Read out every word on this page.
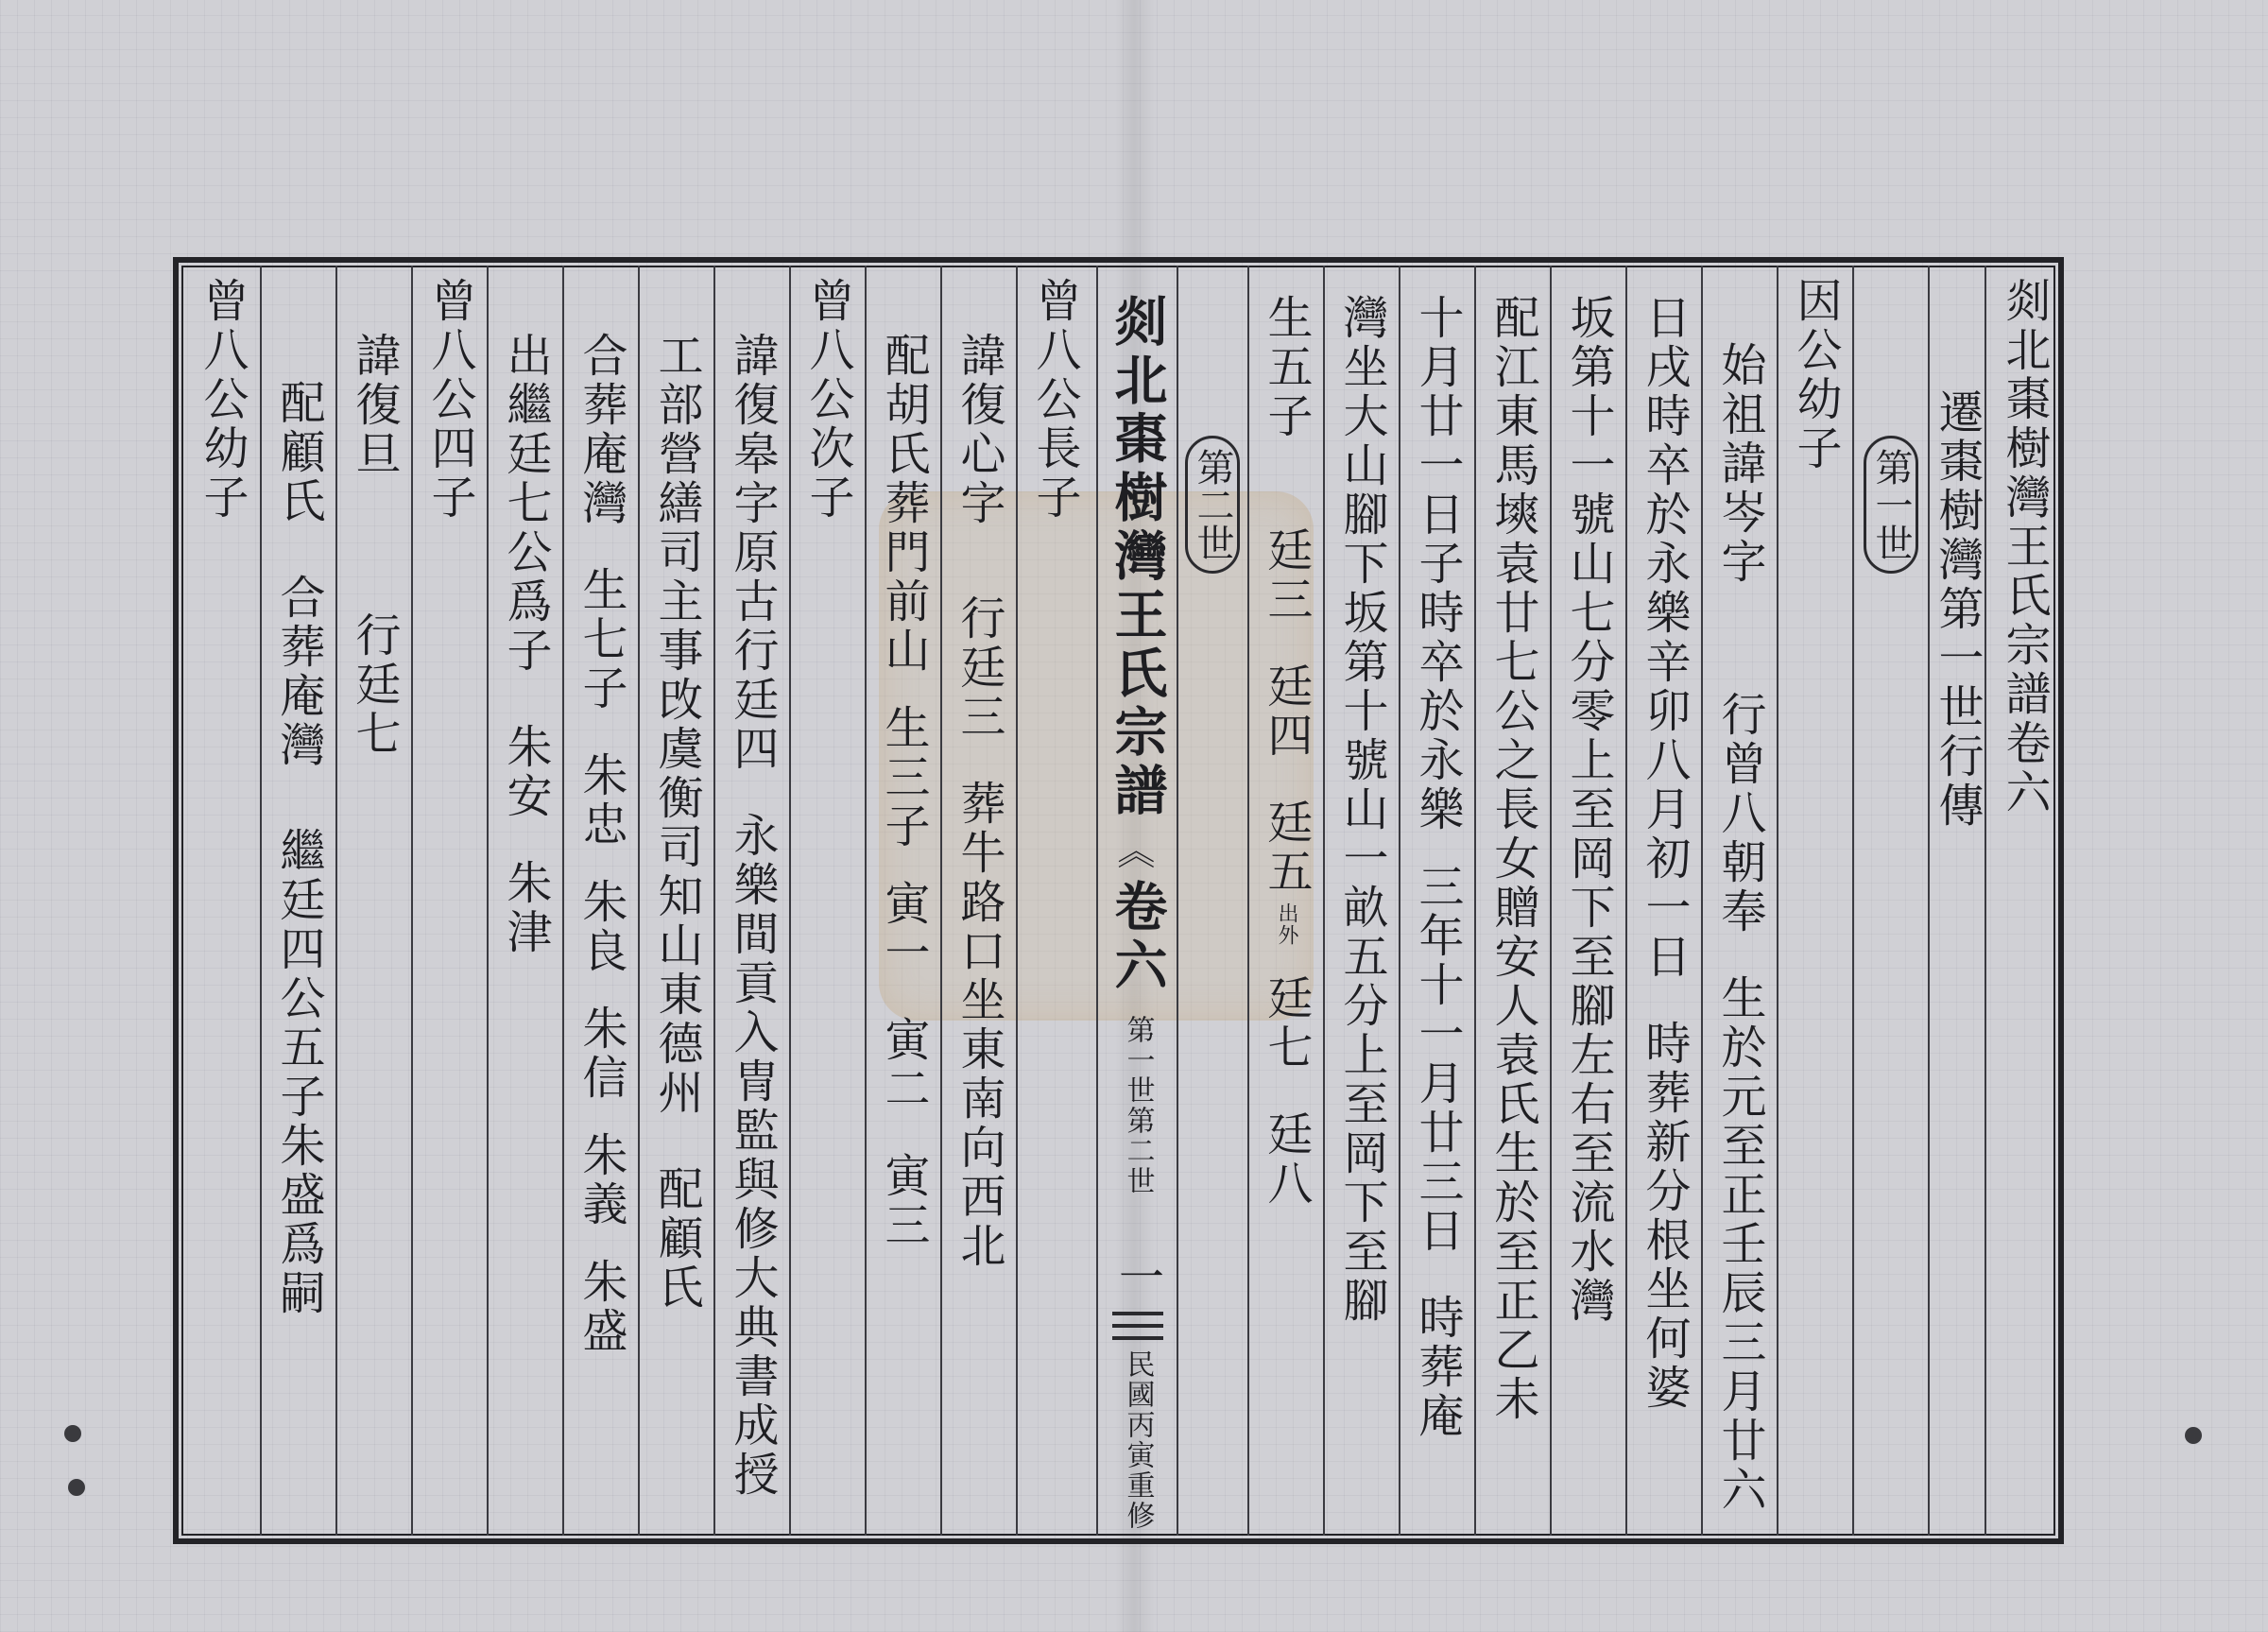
剡北棗樹灣王氏宗譜卷六
遷棗樹灣第一世行傳
第一世
因公幼子
始祖諱岑字
行曾八朝奉
生於元至正壬辰三月廿六
日戌時卒於永樂辛卯八月初一日
時葬新分根坐何婆
坂第十一號山七分零上至岡下至腳左右至流水灣
配江東馬塽袁廿七公之長女贈安人袁氏生於至正乙未
十月廿一日子時卒於永樂
三年十一月廿三日
時葬庵
灣坐大山腳下坂第十號山一畝五分上至岡下至腳
生五子
廷三
廷四
廷五
出外
廷七
廷八
剡北棗樹灣王氏宗譜
《
卷六
第一世第二世
一
民國丙寅重修
第二世
曾八公長子
諱復心字
行廷三
葬牛路口坐東南向西北
配胡氏葬門前山
生三子
寅一
寅二
寅三
曾八公次子
諱復皋字原古行廷四
永樂間貢入冑監與修大典書成授
工部營繕司主事攺虞衡司知山東德州
配顧氏
合葬庵灣
生七子
朱忠
朱良
朱信
朱義
朱盛
出繼廷七公爲子
朱安
朱津
曾八公四子
諱復旦
行廷七
配顧氏
合葬庵灣
繼廷四公五子朱盛爲嗣
曾八公幼子
